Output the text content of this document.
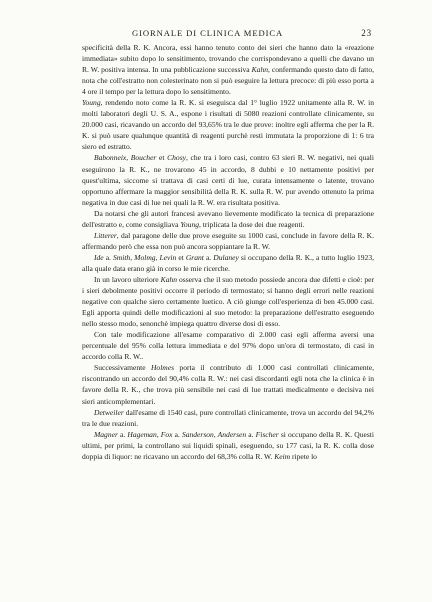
GIORNALE DI CLINICA MEDICA	23

specificità della R. K. Ancora, essi hanno tenuto conto dei sieri che hanno dato la «reazione immediata» subito dopo lo sensitimento, trovando che corrispondevano a quelli che davano un R. W. positiva intensa. In una pubblicazione successiva Kahn, confermando questo dato di fatto, nota che coll'estratto non colesterinato non si può eseguire la lettura precoce: di più esso porta a 4 ore il tempo per la lettura dopo lo sensitimento.

Young, rendendo noto come la R. K. si eseguisca dal 1° luglio 1922 unitamente alla R. W. in molti laboratori degli U. S. A., espone i risultati di 5080 reazioni controllate clinicamente, su 20.000 casi, ricavando un accordo del 93,65% tra le due prove: inoltre egli afferma che per la R. K. si può usare qualunque quantità di reagenti purchè resti immutata la proporzione di 1: 6 tra siero ed estratto.

Babonneix, Boucher et Chosy, che tra i loro casi, contro 63 sieri R. W. negativi, nei quali eseguirono la R. K., ne trovarono 45 in accordo, 8 dubbi e 10 nettamente positivi per quest'ultima, siccome si trattava di casi certi di lue, curata intensamente o latente, trovano opportuno affermare la maggior sensibilità della R. K. sulla R. W. pur avendo ottenuto la prima negativa in due casi di lue nei quali la R. W. era risultata positiva.

Da notarsi che gli autori francesi avevano lievemente modificato la tecnica di preparazione dell'estratto e, come consigliava Young, triplicata la dose dei due reagenti.

Litterer, dal paragone delle due prove eseguite su 1000 casi, conclude in favore della R. K. affermando però che essa non può ancora soppiantare la R. W.

Ide a. Smith, Molmg, Levin et Grant a. Dulaney si occupano della R. K., a tutto luglio 1923, alla quale data erano già in corso le mie ricerche.

In un lavoro ulteriore Kahn osserva che il suo metodo possiede ancora due difetti e cioè: per i sieri debolmente positivi occorre il periodo di termostato; si hanno degli errori nelle reazioni negative con qualche siero certamente luetico. A ciò giunge coll'esperienza di ben 45.000 casi. Egli apporta quindi delle modificazioni al suo metodo: la preparazione dell'estratto eseguendo nello stesso modo, senonchè impiega quattro diverse dosi di esso.

Con tale modificazione all'esame comparativo di 2.000 casi egli afferma aversi una percentuale del 95% colla lettura immediata e del 97% dopo un'ora di termostato, di casi in accordo colla R. W..

Successivamente Holmes porta il contributo di 1.000 casi controllati clinicamente, riscontrando un accordo del 90,4% colla R. W.: nei casi discordanti egli nota che la clinica è in favore della R. K., che trova più sensibile nei casi di lue trattati medicalmente e decisiva nei sieri anticomplementari.

Detweiler dall'esame di 1540 casi, pure controllati clinicamente, trova un accordo del 94,2% tra le due reazioni.

Magner a. Hageman, Fox a. Sanderson, Andersen a. Fischer si occupano della R. K. Questi ultimi, per primi, la controllano sui liquidi spinali, eseguendo, su 177 casi, la R. K. colla dose doppia di liquor: ne ricavano un accordo del 68,3% colla R. W. Keim ripete lo
